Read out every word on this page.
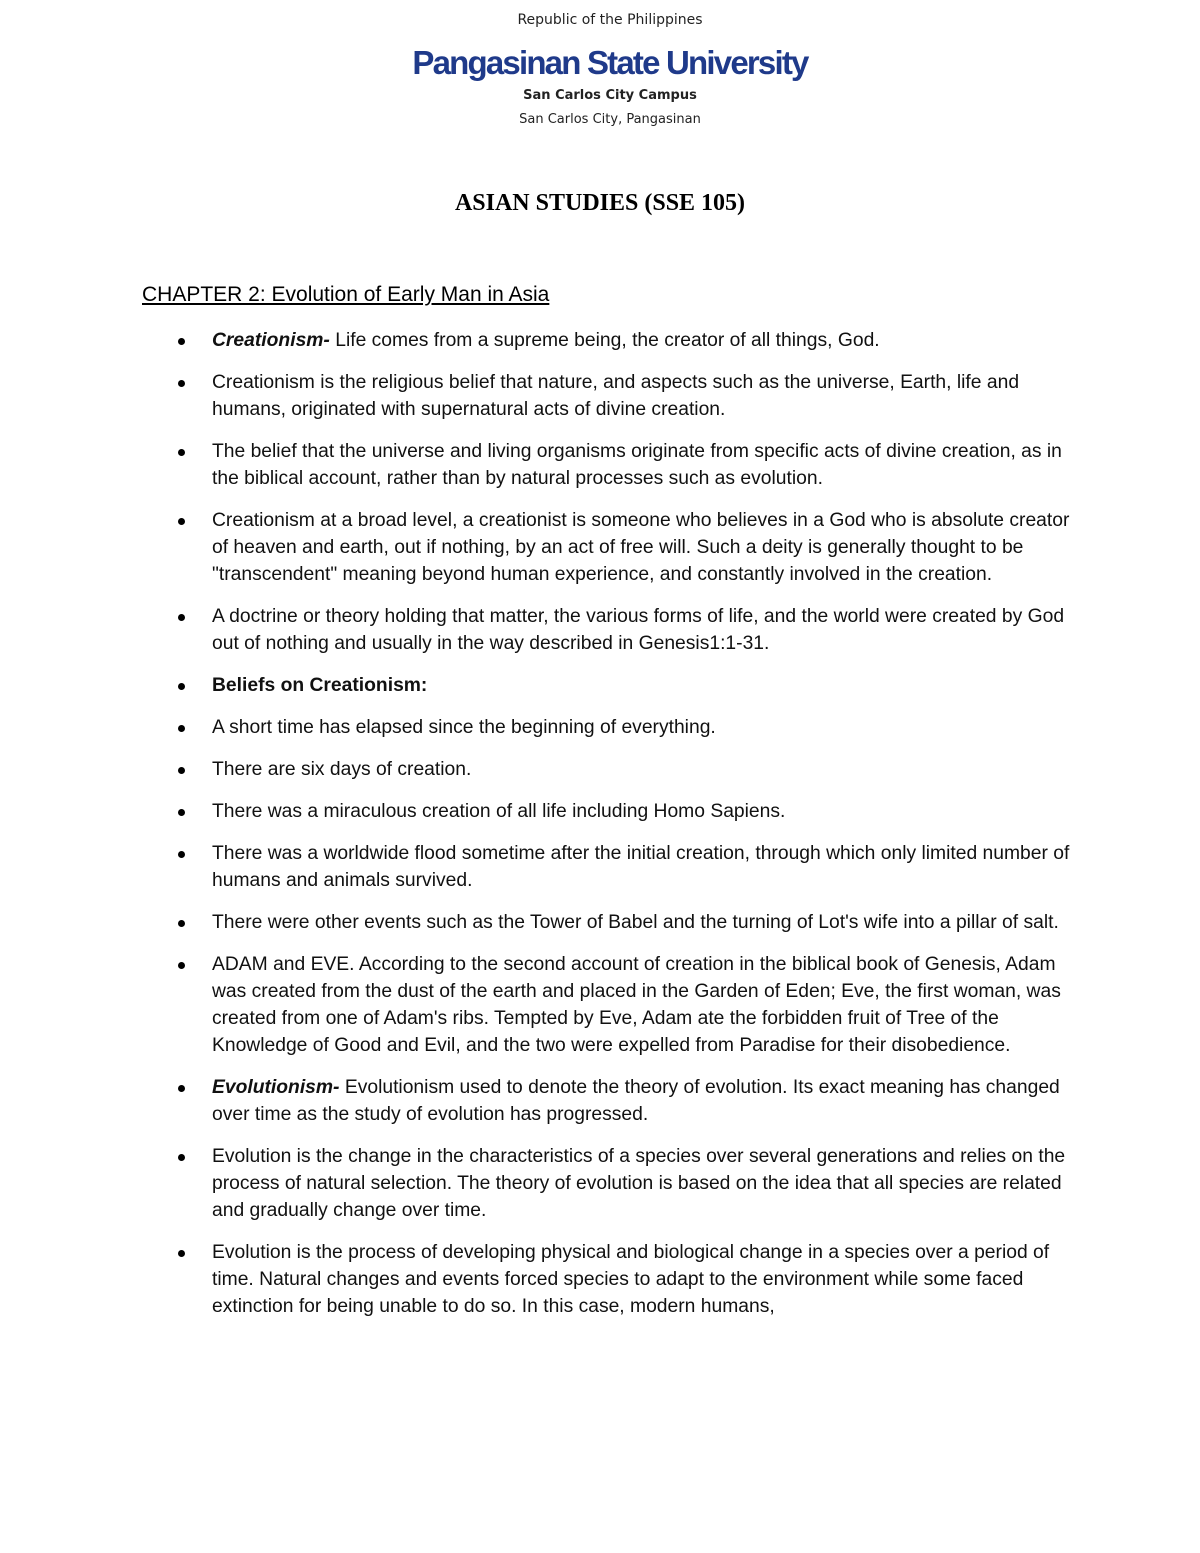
Republic of the Philippines
Pangasinan State University
San Carlos City Campus
San Carlos City, Pangasinan
ASIAN STUDIES (SSE 105)
CHAPTER 2: Evolution of Early Man in Asia
Creationism- Life comes from a supreme being, the creator of all things, God.
Creationism is the religious belief that nature, and aspects such as the universe, Earth, life and humans, originated with supernatural acts of divine creation.
The belief that the universe and living organisms originate from specific acts of divine creation, as in the biblical account, rather than by natural processes such as evolution.
Creationism at a broad level, a creationist is someone who believes in a God who is absolute creator of heaven and earth, out if nothing, by an act of free will. Such a deity is generally thought to be "transcendent" meaning beyond human experience, and constantly involved in the creation.
A doctrine or theory holding that matter, the various forms of life, and the world were created by God out of nothing and usually in the way described in Genesis1:1-31.
Beliefs on Creationism:
A short time has elapsed since the beginning of everything.
There are six days of creation.
There was a miraculous creation of all life including Homo Sapiens.
There was a worldwide flood sometime after the initial creation, through which only limited number of humans and animals survived.
There were other events such as the Tower of Babel and the turning of Lot's wife into a pillar of salt.
ADAM and EVE. According to the second account of creation in the biblical book of Genesis, Adam was created from the dust of the earth and placed in the Garden of Eden; Eve, the first woman, was created from one of Adam's ribs. Tempted by Eve, Adam ate the forbidden fruit of Tree of the Knowledge of Good and Evil, and the two were expelled from Paradise for their disobedience.
Evolutionism- Evolutionism used to denote the theory of evolution. Its exact meaning has changed over time as the study of evolution has progressed.
Evolution is the change in the characteristics of a species over several generations and relies on the process of natural selection. The theory of evolution is based on the idea that all species are related and gradually change over time.
Evolution is the process of developing physical and biological change in a species over a period of time. Natural changes and events forced species to adapt to the environment while some faced extinction for being unable to do so. In this case, modern humans,
